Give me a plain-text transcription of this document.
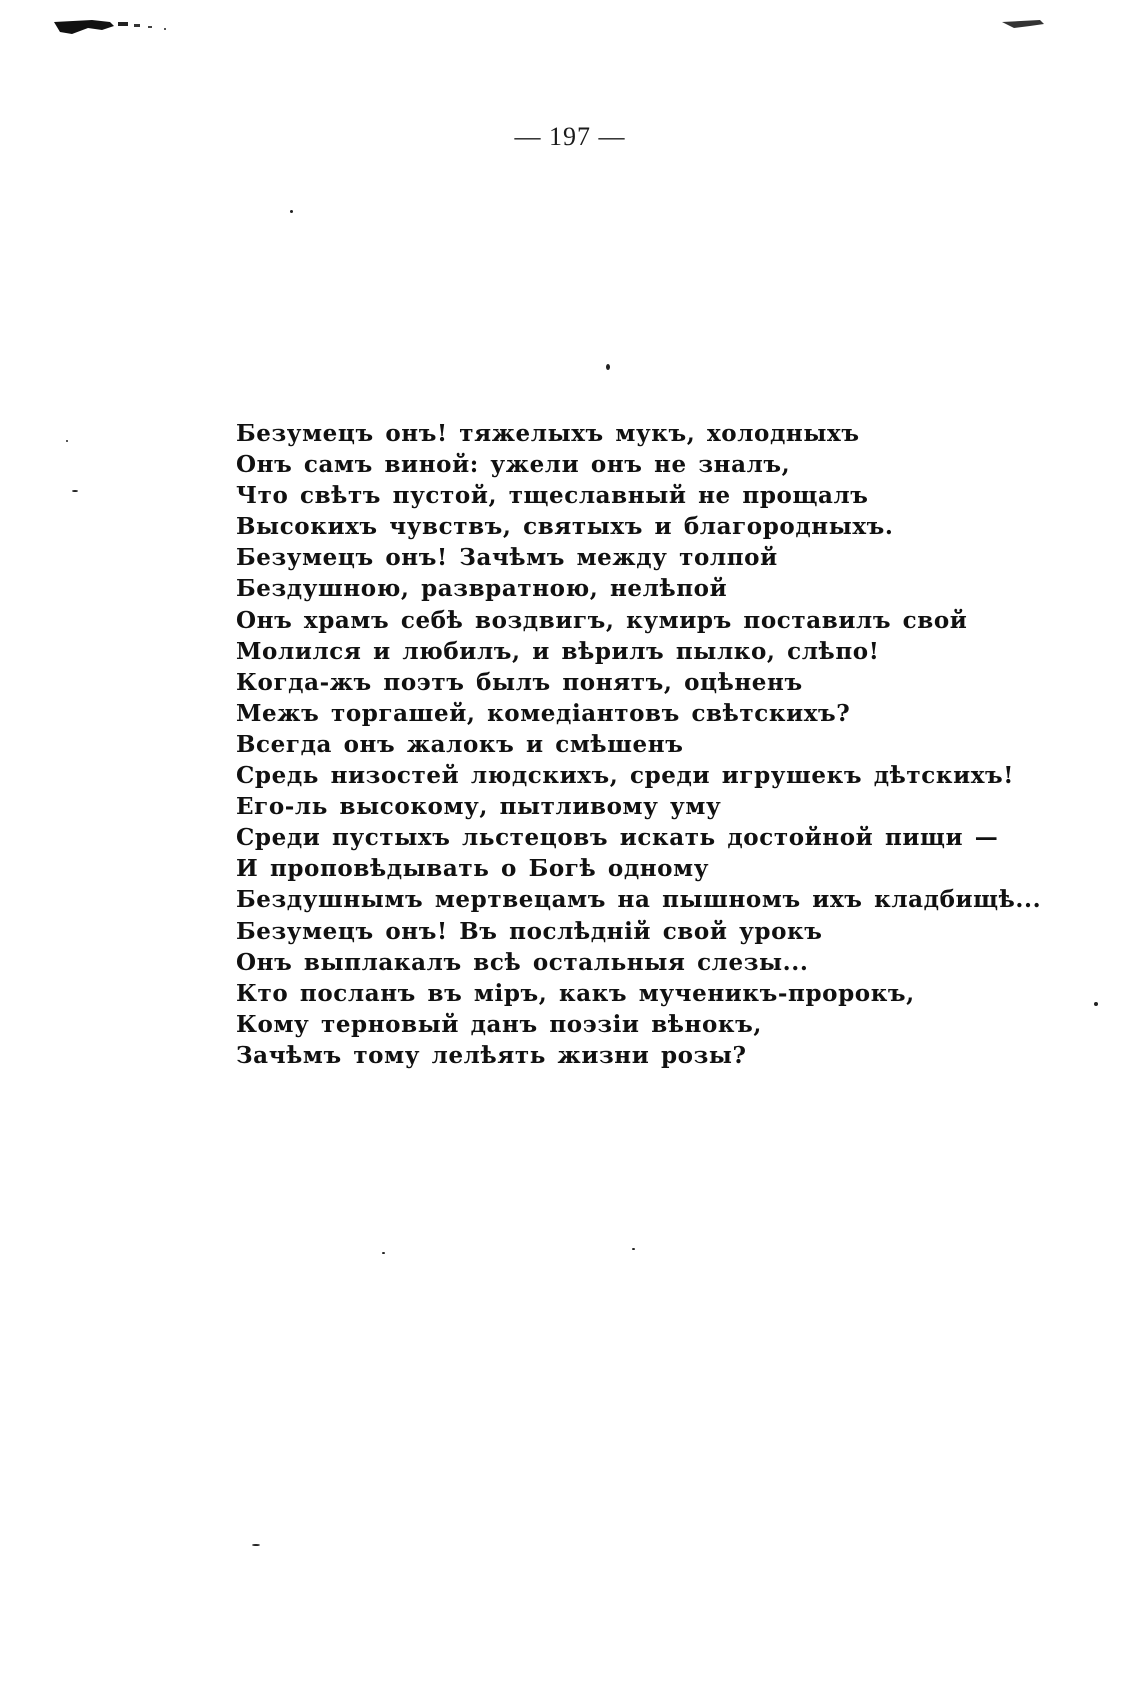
— 197 —
Безумецъ онъ! тяжелыхъ мукъ, холодныхъ
Онъ самъ виной: ужели онъ не зналъ,
Что свѣтъ пустой, тщеславный не прощалъ
Высокихъ чувствъ, святыхъ и благородныхъ.
Безумецъ онъ! Зачѣмъ между толпой
Бездушною, развратною, нелѣпой
Онъ храмъ себѣ воздвигъ, кумиръ поставилъ свой
Молился и любилъ, и вѣрилъ пылко, слѣпо!
Когда-жъ поэтъ былъ понятъ, оцѣненъ
Межъ торгашей, комедіантовъ свѣтскихъ?
Всегда онъ жалокъ и смѣшенъ
Средь низостей людскихъ, среди игрушекъ дѣтскихъ!
Его-ль высокому, пытливому уму
Среди пустыхъ льстецовъ искать достойной пищи —
И проповѣдывать о Богѣ одному
Бездушнымъ мертвецамъ на пышномъ ихъ кладбищѣ...
Безумецъ онъ! Въ послѣдній свой урокъ
Онъ выплакалъ всѣ остальныя слезы...
Кто посланъ въ міръ, какъ мученикъ-пророкъ,
Кому терновый данъ поэзіи вѣнокъ,
Зачѣмъ тому лелѣять жизни розы?
